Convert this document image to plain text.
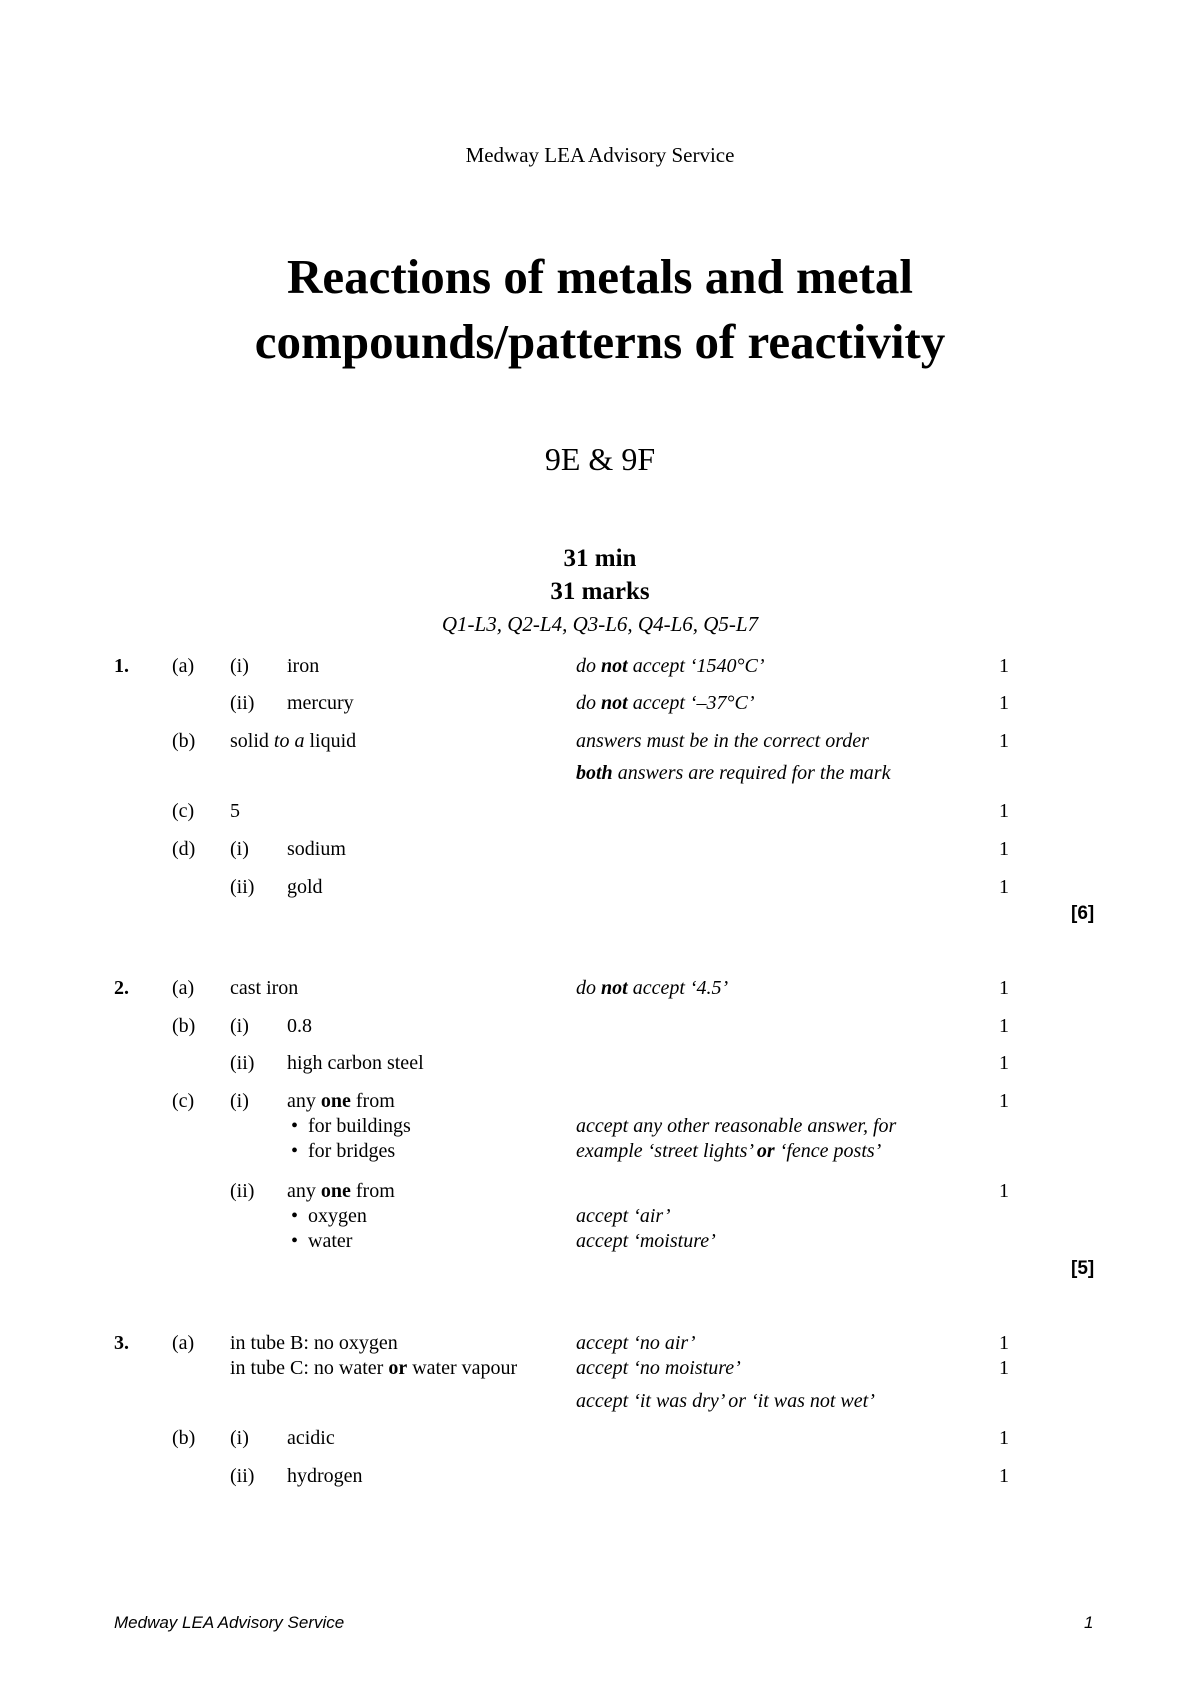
Medway LEA Advisory Service
Reactions of metals and metal
compounds/patterns of reactivity
9E & 9F
31 min
31 marks
Q1-L3, Q2-L4, Q3-L6, Q4-L6, Q5-L7
1. (a) (i) iron	do not accept ‘1540°C’	1
(ii) mercury	do not accept ‘–37°C’	1
(b) solid to a liquid	answers must be in the correct order	1
both answers are required for the mark
(c) 5	1
(d) (i) sodium	1
(ii) gold	1
[6]
2. (a) cast iron	do not accept ‘4.5’	1
(b) (i) 0.8	1
(ii) high carbon steel	1
(c) (i) any one from	1
• for buildings	accept any other reasonable answer, for
• for bridges	example ‘street lights’ or ‘fence posts’
(ii) any one from	1
• oxygen	accept ‘air’
• water	accept ‘moisture’
[5]
3. (a) in tube B: no oxygen	accept ‘no air’	1
in tube C: no water or water vapour	accept ‘no moisture’	1
accept ‘it was dry’ or ‘it was not wet’
(b) (i) acidic	1
(ii) hydrogen	1
Medway LEA Advisory Service	1
